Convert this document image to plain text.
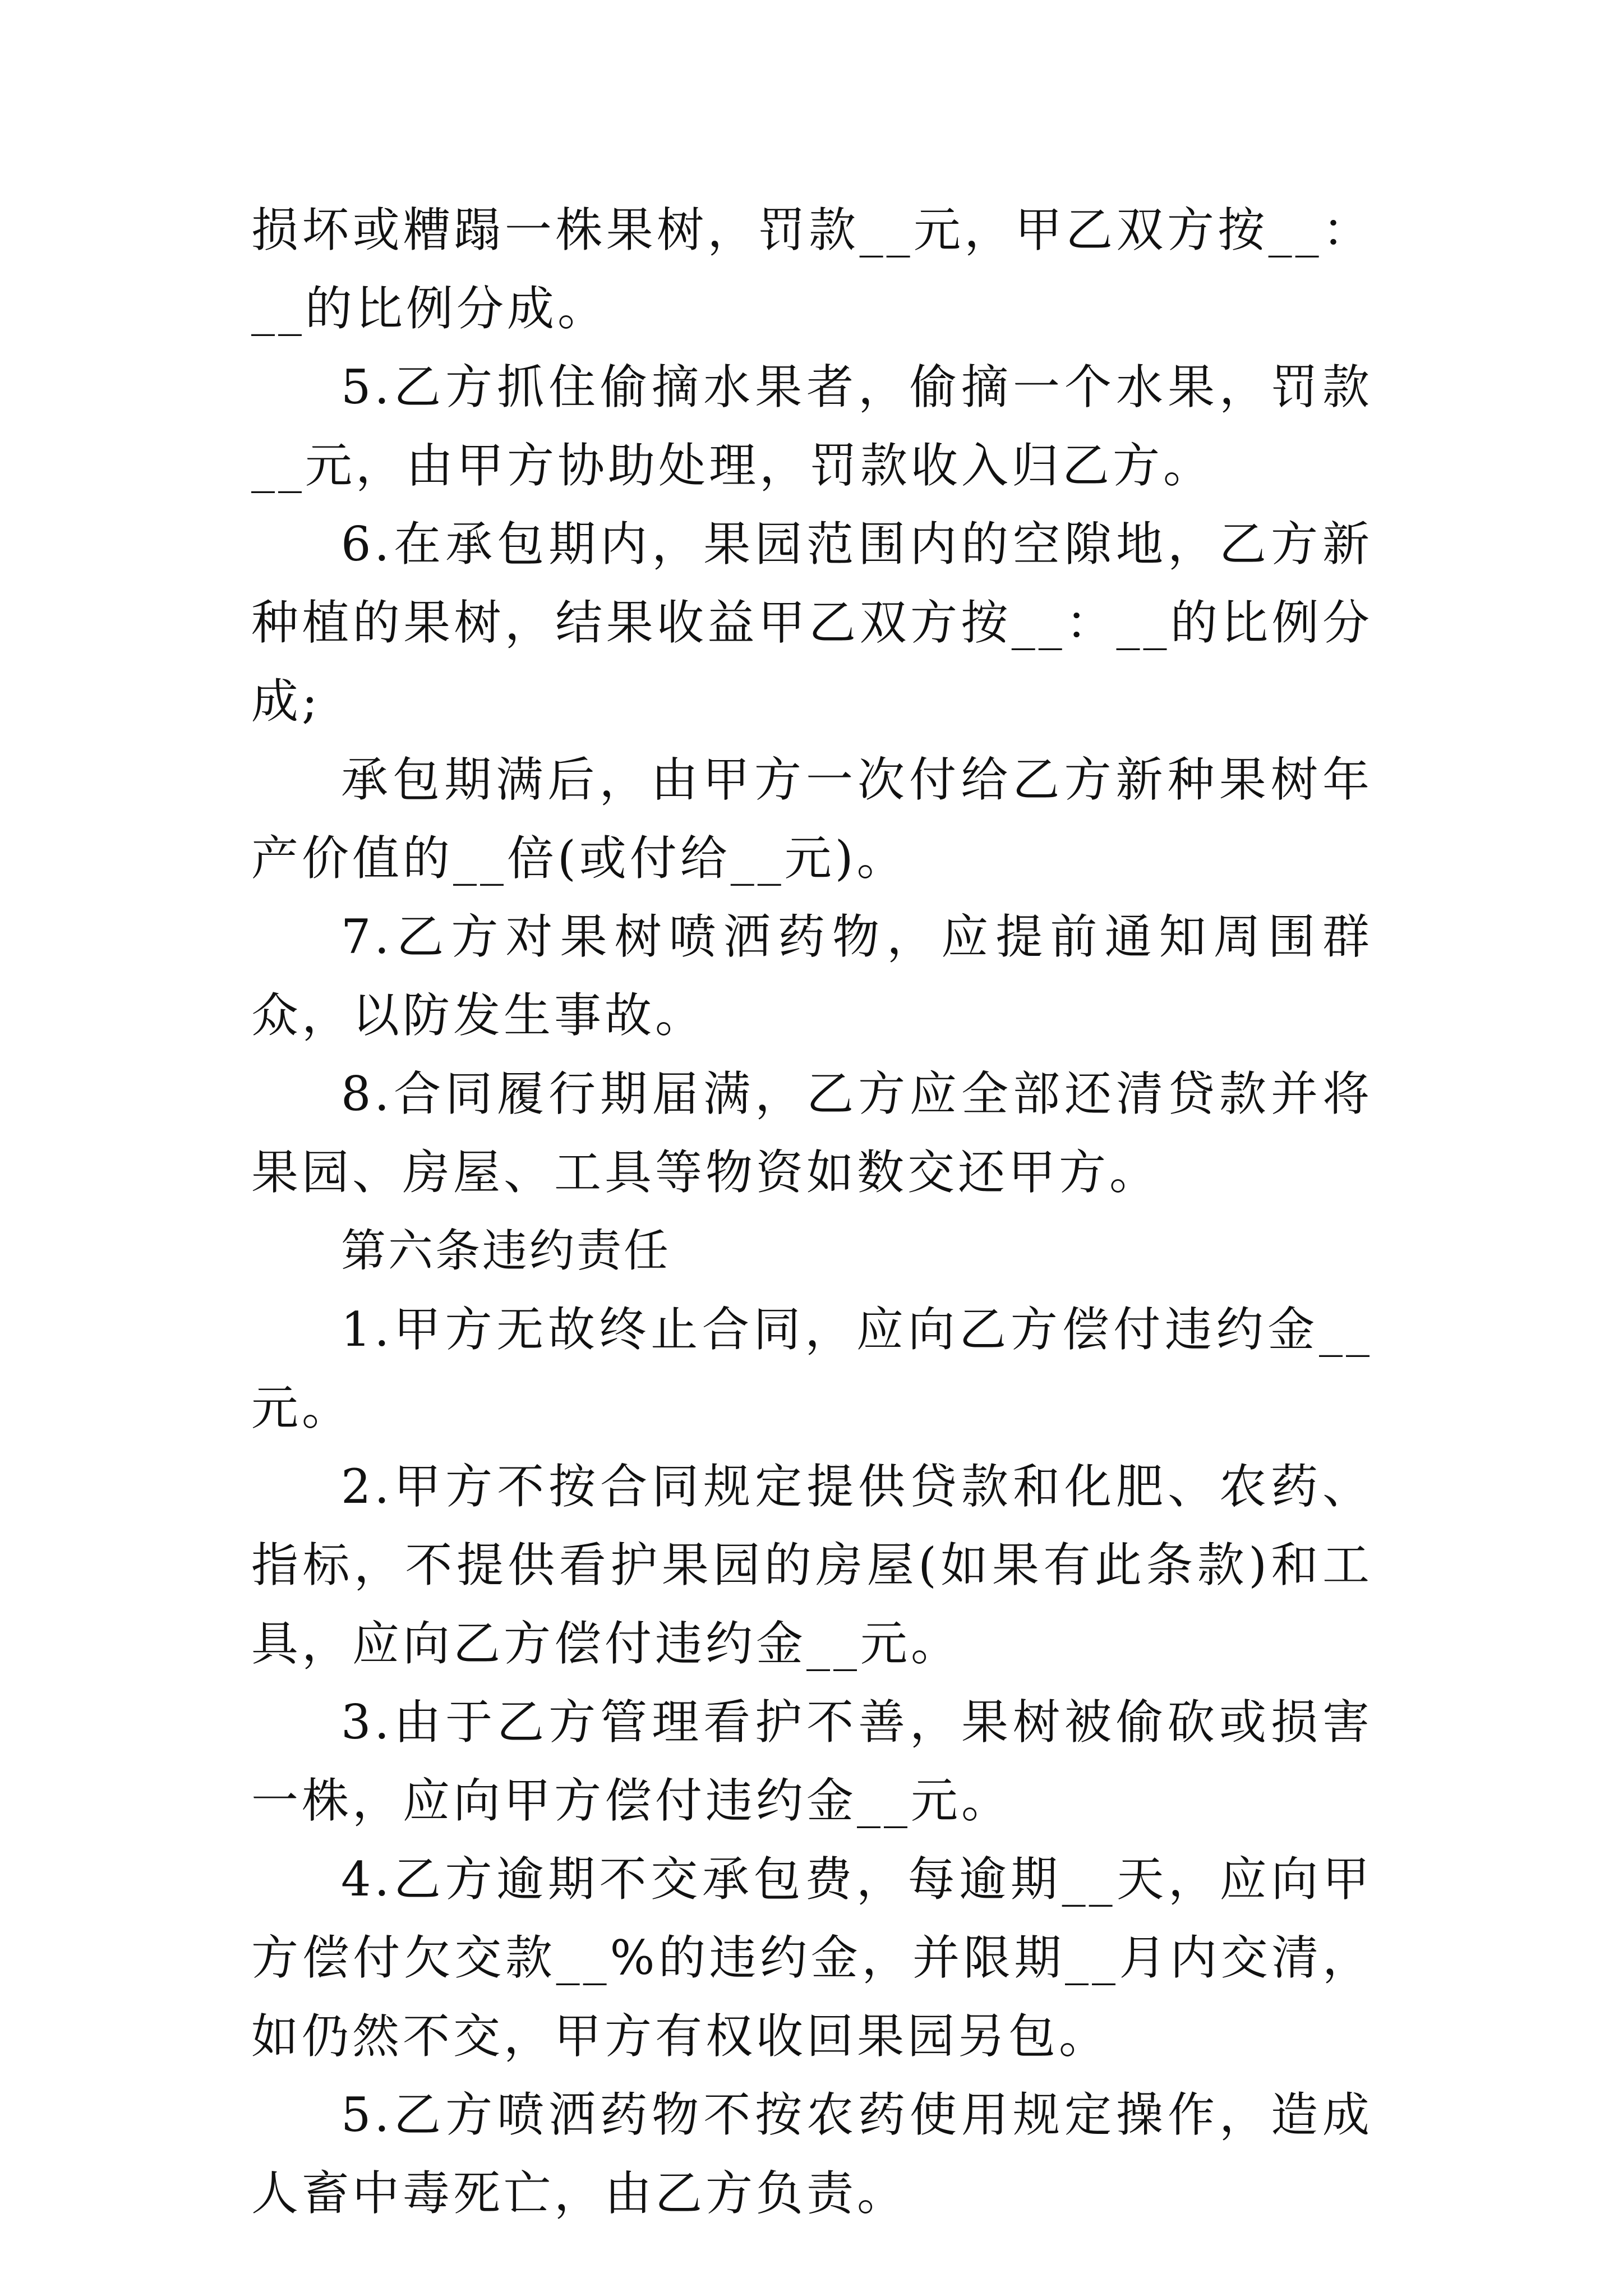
损坏或糟蹋一株果树，罚款__元，甲乙双方按__：__的比例分成。

5.乙方抓住偷摘水果者，偷摘一个水果，罚款__元，由甲方协助处理，罚款收入归乙方。

6.在承包期内，果园范围内的空隙地，乙方新种植的果树，结果收益甲乙双方按__：__的比例分成;

承包期满后，由甲方一次付给乙方新种果树年产价值的__倍(或付给__元)。

7.乙方对果树喷洒药物，应提前通知周围群众，以防发生事故。

8.合同履行期届满，乙方应全部还清贷款并将果园、房屋、工具等物资如数交还甲方。

第六条违约责任

1.甲方无故终止合同，应向乙方偿付违约金__元。

2.甲方不按合同规定提供贷款和化肥、农药、指标，不提供看护果园的房屋(如果有此条款)和工具，应向乙方偿付违约金__元。

3.由于乙方管理看护不善，果树被偷砍或损害一株，应向甲方偿付违约金__元。

4.乙方逾期不交承包费，每逾期__天，应向甲方偿付欠交款__%的违约金，并限期__月内交清，如仍然不交，甲方有权收回果园另包。

5.乙方喷洒药物不按农药使用规定操作，造成人畜中毒死亡，由乙方负责。
